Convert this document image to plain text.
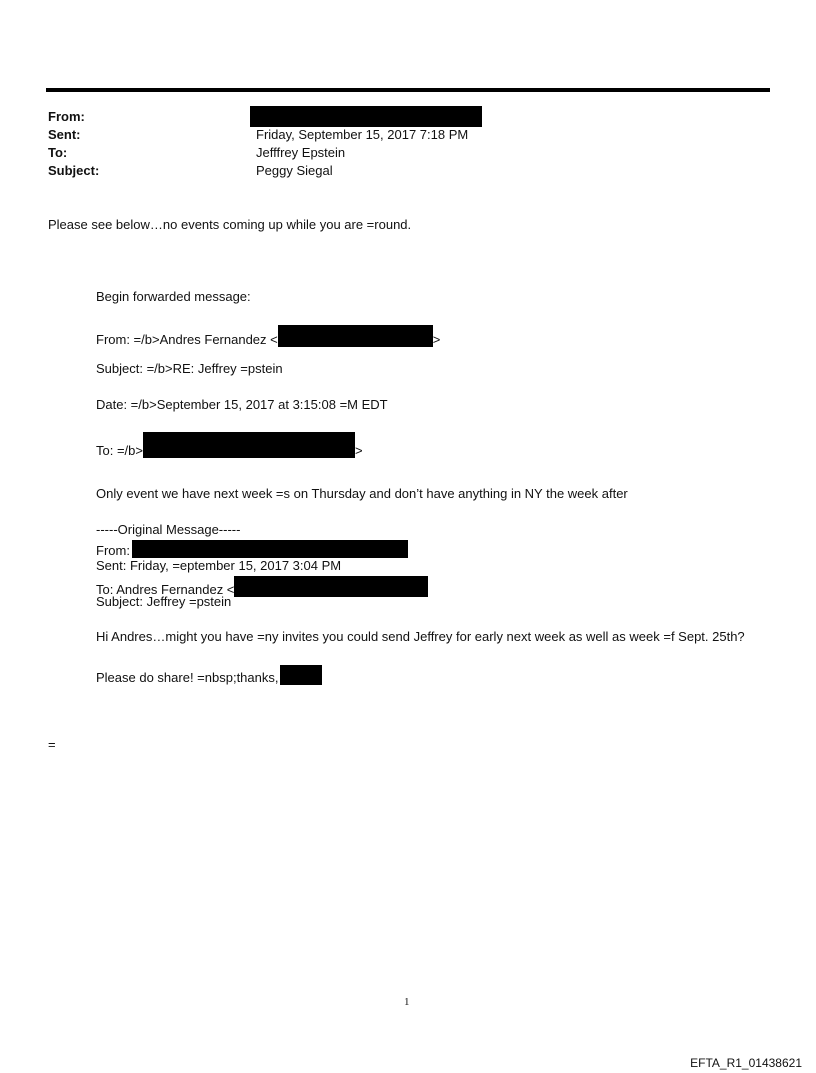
From:
Sent:	Friday, September 15, 2017 7:18 PM
To:	Jefffrey Epstein
Subject:	Peggy Siegal
Please see below…no events coming up while you are =round.
Begin forwarded message:
From: =/b>Andres Fernandez <	>
Subject: =/b>RE: Jeffrey =pstein
Date: =/b>September 15, 2017 at 3:15:08 =M EDT
To: =/b>	>
Only event we have next week =s on Thursday and don’t have anything in NY the week after
-----Original Message-----
From:
Sent: Friday, =eptember 15, 2017 3:04 PM
To: Andres Fernandez <
Subject: Jeffrey =pstein
Hi Andres…might you have =ny invites you could send Jeffrey for early next week as well as week =f Sept. 25th?
Please do share! =nbsp;thanks,
=
1
EFTA_R1_01438621
